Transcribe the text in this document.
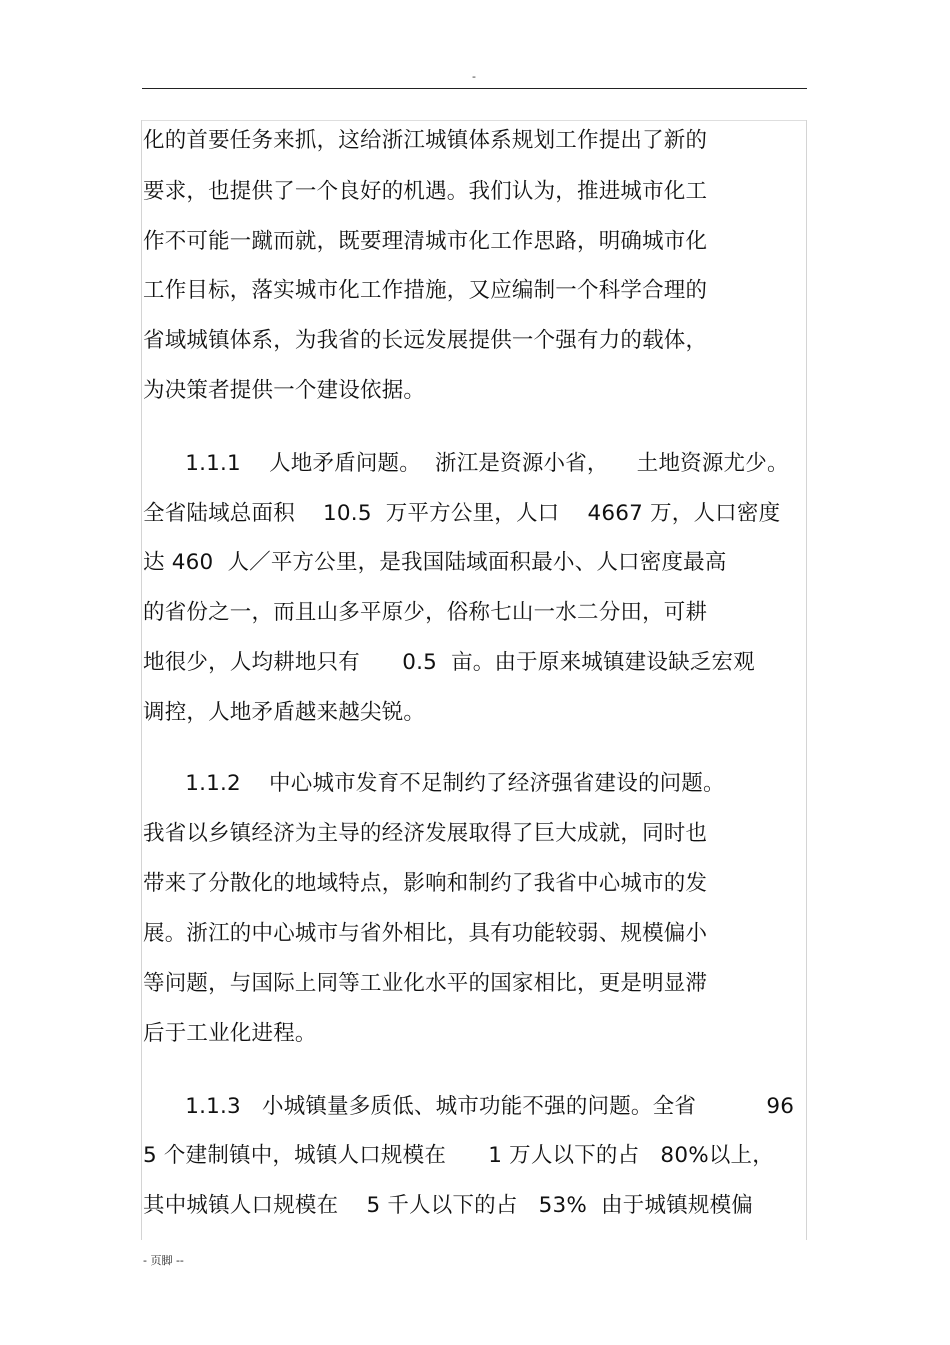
-
化的首要任务来抓，这给浙江城镇体系规划工作提出了新的
要求，也提供了一个良好的机遇。我们认为，推进城市化工
作不可能一蹴而就，既要理清城市化工作思路，明确城市化
工作目标，落实城市化工作措施，又应编制一个科学合理的
省域城镇体系，为我省的长远发展提供一个强有力的载体，
为决策者提供一个建设依据。
1.1.1    人地矛盾问题。  浙江是资源小省，    土地资源尤少。
全省陆域总面积    10.5  万平方公里，人口    4667 万，人口密度
达 460  人／平方公里，是我国陆域面积最小、人口密度最高
的省份之一，而且山多平原少，俗称七山一水二分田，可耕
地很少，人均耕地只有      0.5  亩。由于原来城镇建设缺乏宏观
调控，人地矛盾越来越尖锐。
1.1.2    中心城市发育不足制约了经济强省建设的问题。
我省以乡镇经济为主导的经济发展取得了巨大成就，同时也
带来了分散化的地域特点，影响和制约了我省中心城市的发
展。浙江的中心城市与省外相比，具有功能较弱、规模偏小
等问题，与国际上同等工业化水平的国家相比，更是明显滞
后于工业化进程。
1.1.3   小城镇量多质低、城市功能不强的问题。全省          96
5 个建制镇中，城镇人口规模在      1 万人以下的占   80%以上，
其中城镇人口规模在    5 千人以下的占   53%  由于城镇规模偏
- 页脚 --
